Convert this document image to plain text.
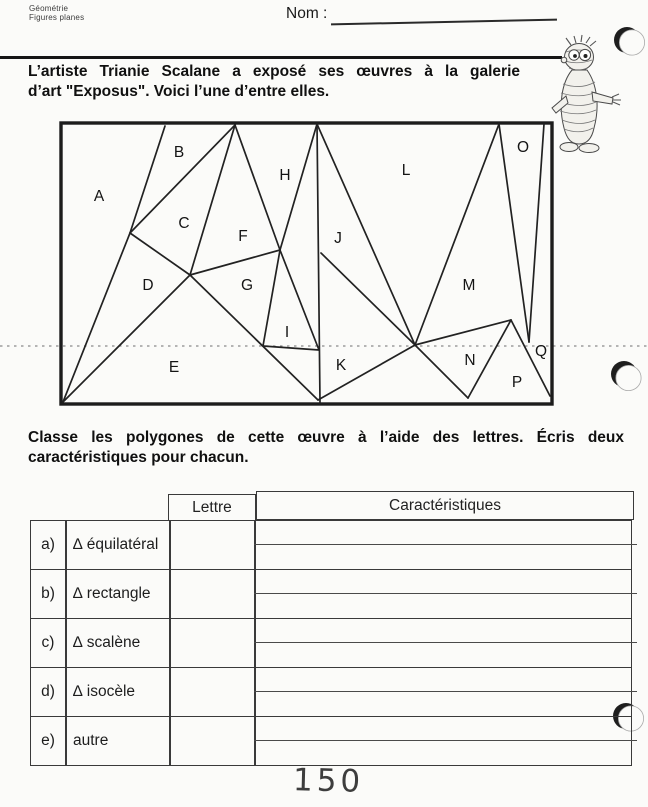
Géométrie
Figures planes	Nom :
L’artiste Trianie Scalane a exposé ses œuvres à la galerie
d’art "Exposus". Voici l’une d’entre elles.
A
B
C
D
E
F
G
H
I
J
K
L
M
N
O
P
Q
Classe les polygones de cette œuvre à l’aide des lettres. Écris deux
caractéristiques pour chacun.
Lettre	Caractéristiques
a)	∆ équilatéral
b)	∆ rectangle
c)	∆ scalène
d)	∆ isocèle
e)	autre
150
